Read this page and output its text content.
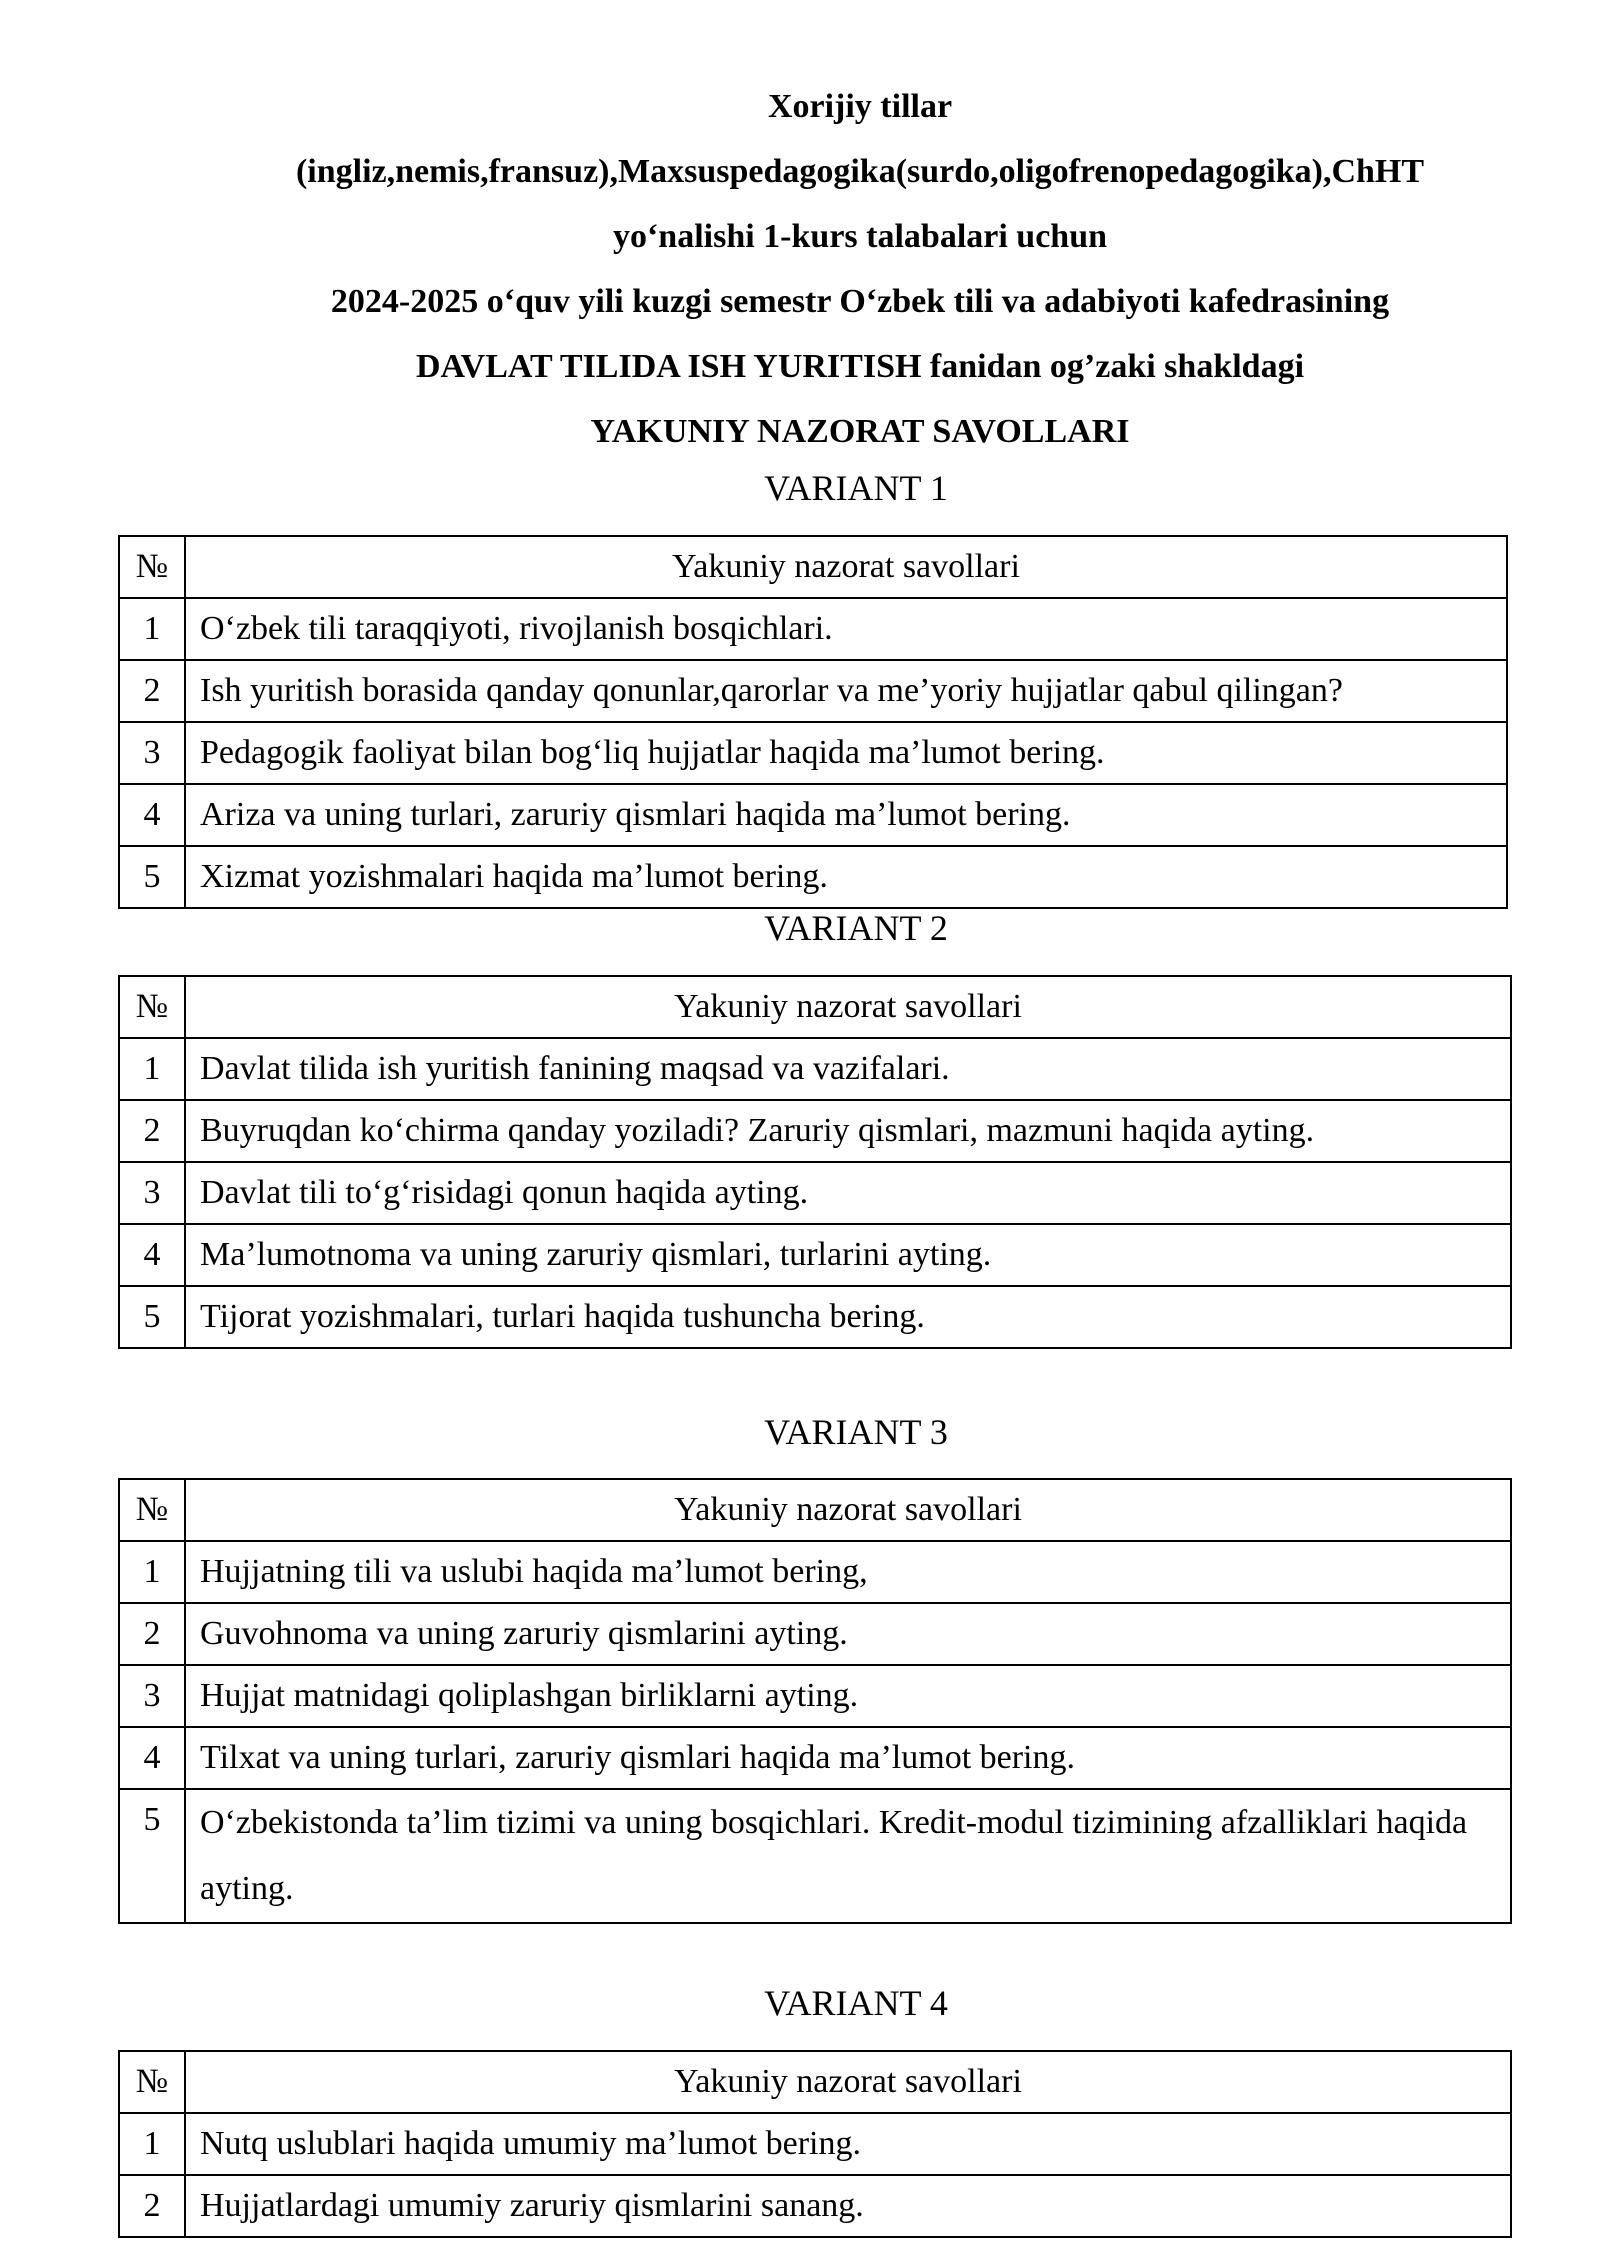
Xorijiy tillar
(ingliz,nemis,fransuz),Maxsuspedagogika(surdo,oligofrenopedagogika),ChHT
yo‘nalishi 1-kurs talabalari uchun
2024-2025 o‘quv yili kuzgi semestr O‘zbek tili va adabiyoti kafedrasining
DAVLAT TILIDA ISH YURITISH fanidan og’zaki shakldagi
YAKUNIY NAZORAT SAVOLLARI
VARIANT 1
№	Yakuniy nazorat savollari
1	O‘zbek tili taraqqiyoti, rivojlanish bosqichlari.
2	Ish yuritish borasida qanday qonunlar,qarorlar va me’yoriy hujjatlar qabul qilingan?
3	Pedagogik faoliyat bilan bog‘liq hujjatlar haqida ma’lumot bering.
4	Ariza va uning turlari, zaruriy qismlari haqida ma’lumot bering.
5	Xizmat yozishmalari haqida ma’lumot bering.
VARIANT 2
№	Yakuniy nazorat savollari
1	Davlat tilida ish yuritish fanining maqsad va vazifalari.
2	Buyruqdan ko‘chirma qanday yoziladi? Zaruriy qismlari, mazmuni haqida ayting.
3	Davlat tili to‘g‘risidagi qonun haqida ayting.
4	Ma’lumotnoma va uning zaruriy qismlari, turlarini ayting.
5	Tijorat yozishmalari, turlari haqida tushuncha bering.
VARIANT 3
№	Yakuniy nazorat savollari
1	Hujjatning tili va uslubi haqida ma’lumot bering,
2	Guvohnoma va uning zaruriy qismlarini ayting.
3	Hujjat matnidagi qoliplashgan birliklarni ayting.
4	Tilxat va uning turlari, zaruriy qismlari haqida ma’lumot bering.
5	O‘zbekistonda ta’lim tizimi va uning bosqichlari. Kredit-modul tizimining afzalliklari haqida ayting.
VARIANT 4
№	Yakuniy nazorat savollari
1	Nutq uslublari haqida umumiy ma’lumot bering.
2	Hujjatlardagi umumiy zaruriy qismlarini sanang.
